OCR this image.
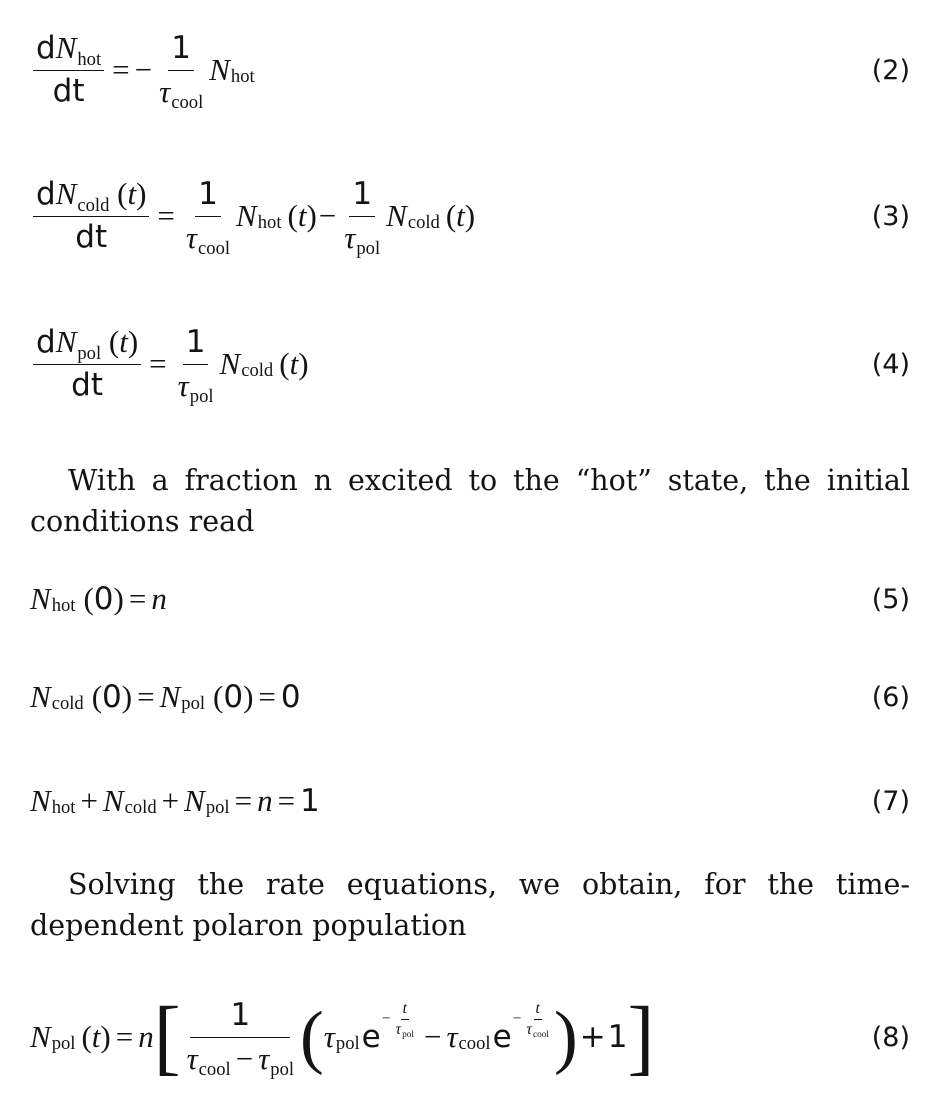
$\frac{dN_{hot}}{dt}$ = − $\frac{1}{\tau_{cool}}$ N hot	(2)
$\frac{dN_{cold} (t)}{dt} = \frac{1}{\tau_{cool}}$ N hot ( t ) − $\frac{1}{\tau_{pol}}$ N cold ( t )	(3)
$\frac{dN_{pol} (t)}{dt} = \frac{1}{\tau_{pol}}$ N cold ( t )	(4)

With a fraction n excited to the “hot” state, the initial conditions read

N hot ( 0 ) = n	(5)
N cold ( 0 ) = N pol ( 0 ) = 0	(6)
N hot + N cold + N pol = n = 1	(7)

Solving the rate equations, we obtain, for the time-dependent polaron population

N pol ( t ) = n [ $\frac{1}{\tau_{cool} - \tau_{pol}}$ ( τ pol e
− $\frac{t}{\tau_{pol}} - \tau$ cool e
− $\frac{t}{\tau_{cool}}$ ) + 1 ]	(8)
